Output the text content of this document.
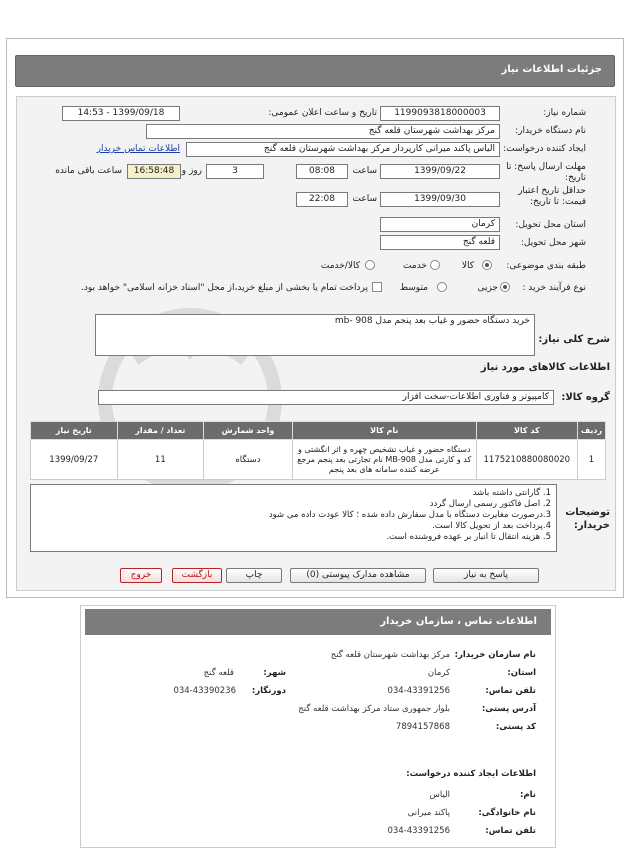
جزئیات اطلاعات نیاز
شماره نیاز:
1199093818000003
تاریخ و ساعت اعلان عمومی:
1399/09/18 - 14:53
نام دستگاه خریدار:
مرکز بهداشت شهرستان قلعه گنج
ایجاد کننده درخواست:
الیاس پاکند میرانی کارپرداز مرکز بهداشت شهرستان قلعه گنج
اطلاعات تماس خریدار
مهلت ارسال پاسخ: تا تاریخ:
1399/09/22
ساعت
08:08
3
روز و
16:58:48
ساعت باقی مانده
حداقل تاریخ اعتبار قیمت: تا تاریخ:
1399/09/30
ساعت
22:08
استان محل تحویل:
کرمان
شهر محل تحویل:
قلعه گنج
طبقه بندی موضوعی:
کالا
خدمت
کالا/خدمت
نوع فرآیند خرید :
جزیی
متوسط
پرداخت تمام یا بخشی از مبلغ خرید،از محل "اسناد خزانه اسلامی" خواهد بود.
شرح کلی نیاز:
خرید دستگاه حضور و غیاب بعد پنجم مدل 908 -mb
اطلاعات کالاهای مورد نیاز
گروه کالا:
کامپیوتر و فناوری اطلاعات-سخت افزار
ردیف	کد کالا	نام کالا	واحد شمارش	تعداد / مقدار	تاریخ نیاز
1	1175210880080020	دستگاه حضور و غیاب تشخیص چهره و اثر انگشتی و کد و کارتی مدل MB-908 نام تجارتی بعد پنجم مرجع عرضه کننده سامانه های بعد پنجم	دستگاه	11	1399/09/27
توضیحات خریدار:
1. گارانتی داشته باشد
2. اصل فاکتور رسمی ارسال گردد
3.درصورت مغایرت دستگاه با مدل سفارش داده شده ؛ کالا عودت داده می شود
4.پرداخت بعد از تحویل کالا است.
5. هزینه انتقال تا انبار بر عهده فروشنده است.
پاسخ به نیاز
مشاهده مدارک پیوستی (0)
چاپ
بازگشت
خروج
اطلاعات تماس ، سازمان خریدار
نام سازمان خریدار:
مرکز بهداشت شهرستان قلعه گنج
استان:
کرمان
شهر:
قلعه گنج
تلفن تماس:
034-43391256
دورنگار:
034-43390236
آدرس پستی:
بلوار جمهوری ستاد مرکز بهداشت قلعه گنج
کد پستی:
7894157868
اطلاعات ایجاد کننده درخواست:
نام:
الیاس
نام خانوادگی:
پاکند میرانی
تلفن تماس:
034-43391256
